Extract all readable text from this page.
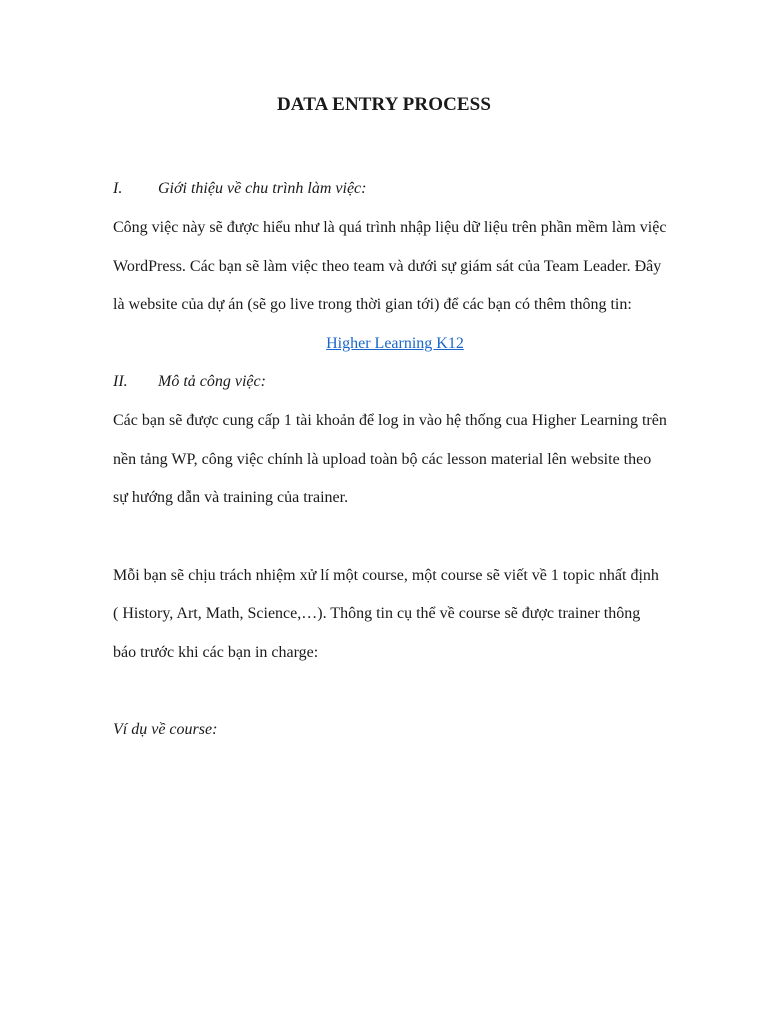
DATA ENTRY PROCESS
I. Giới thiệu về chu trình làm việc:
Công việc này sẽ được hiểu như là quá trình nhập liệu dữ liệu trên phần mềm làm việc
WordPress. Các bạn sẽ làm việc theo team và dưới sự giám sát của Team Leader. Đây
là website của dự án (sẽ go live trong thời gian tới) để các bạn có thêm thông tin:
Higher Learning K12
II. Mô tả công việc:
Các bạn sẽ được cung cấp 1 tài khoản để log in vào hệ thống cua Higher Learning trên
nền tảng WP, công việc chính là upload toàn bộ các lesson material lên website theo
sự hướng dẫn và training của trainer.
Mỗi bạn sẽ chịu trách nhiệm xử lí một course, một course sẽ viết về 1 topic nhất định
( History, Art, Math, Science,…). Thông tin cụ thể về course sẽ được trainer thông
báo trước khi các bạn in charge:
Ví dụ về course:
